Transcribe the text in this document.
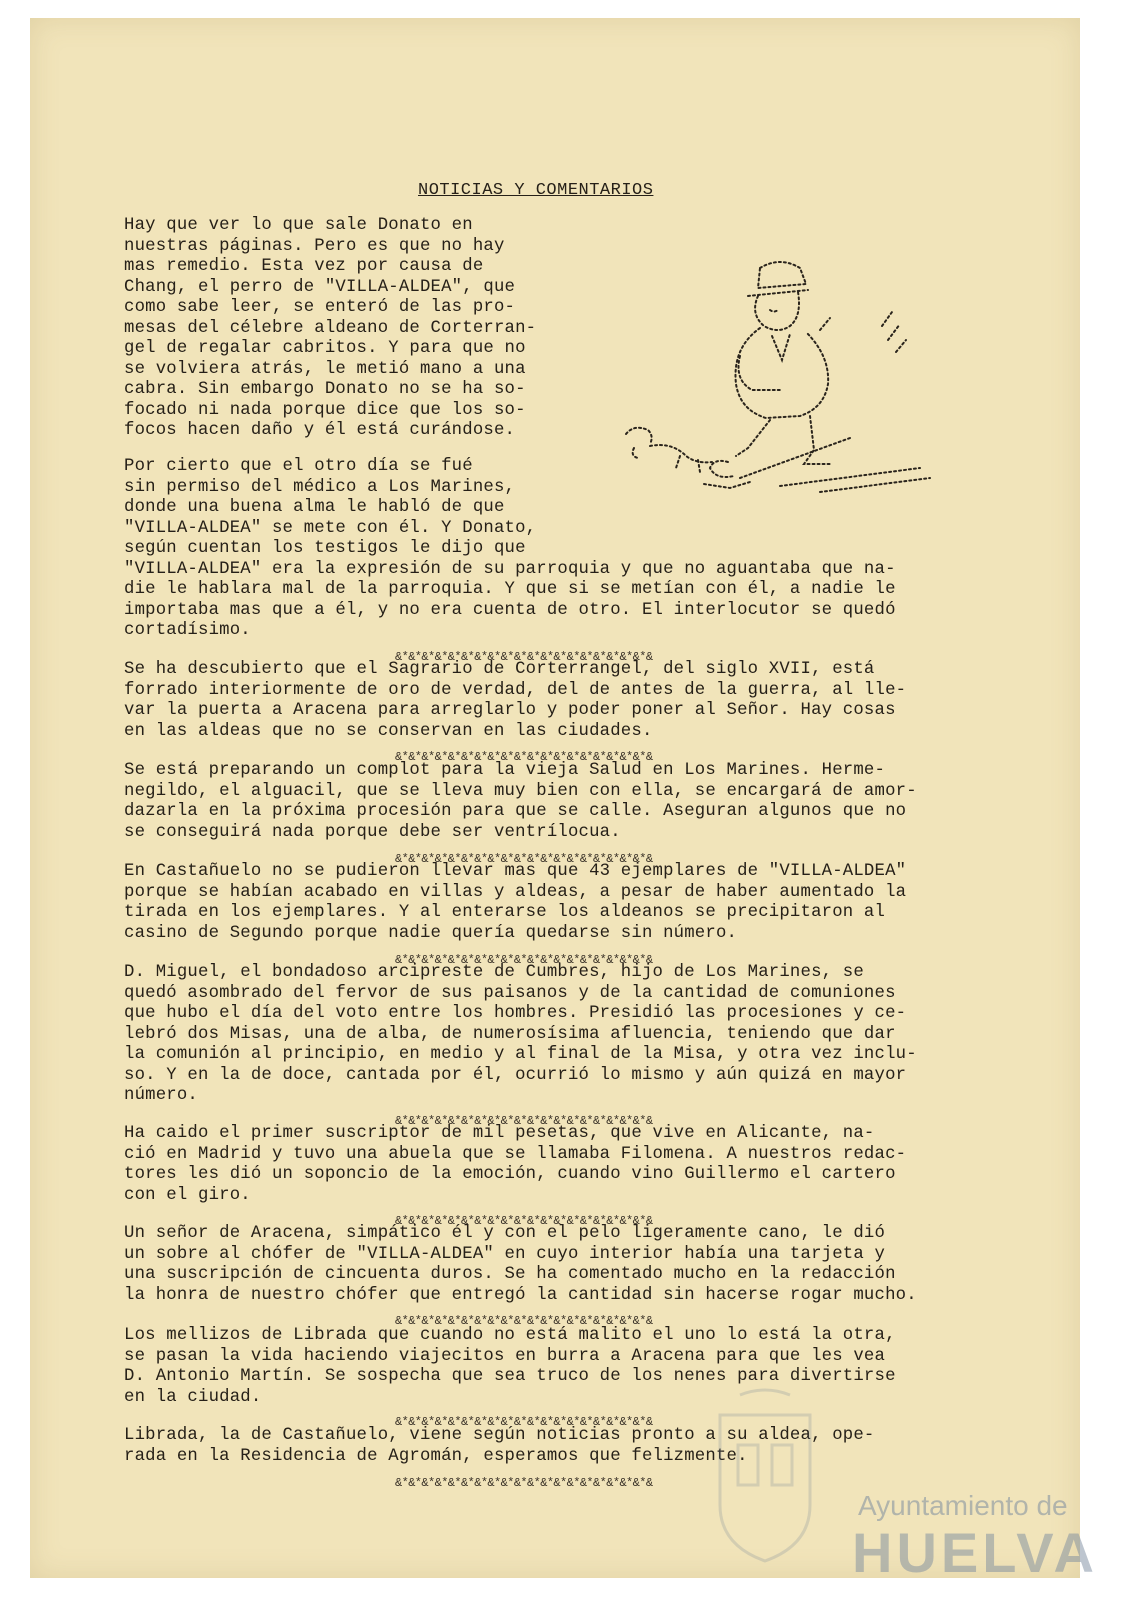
NOTICIAS Y COMENTARIOS
Hay que ver lo que sale Donato en
nuestras páginas. Pero es que no hay
mas remedio. Esta vez por causa de
Chang, el perro de "VILLA-ALDEA", que
como sabe leer, se enteró de las pro-
mesas del célebre aldeano de Corterran-
gel de regalar cabritos. Y para que no
se volviera atrás, le metió mano a una
cabra. Sin embargo Donato no se ha so-
focado ni nada porque dice que los so-
focos hacen daño y él está curándose.
Por cierto que el otro día se fué
sin permiso del médico a Los Marines,
donde una buena alma le habló de que
"VILLA-ALDEA" se mete con él. Y Donato,
según cuentan los testigos le dijo que
"VILLA-ALDEA" era la expresión de su parroquia y que no aguantaba que na-
die le hablara mal de la parroquia. Y que si se metían con él, a nadie le
importaba mas que a él, y no era cuenta de otro. El interlocutor se quedó
cortadísimo.
&*&*&*&*&*&*&*&*&*&*&*&*&*&*&*&*&*&*&*&
Se ha descubierto que el Sagrario de Corterrangel, del siglo XVII, está
forrado interiormente de oro de verdad, del de antes de la guerra, al lle-
var la puerta a Aracena para arreglarlo y poder poner al Señor. Hay cosas
en las aldeas que no se conservan en las ciudades.
&*&*&*&*&*&*&*&*&*&*&*&*&*&*&*&*&*&*&*&
Se está preparando un complot para la vieja Salud en Los Marines. Herme-
negildo, el alguacil, que se lleva muy bien con ella, se encargará de amor-
dazarla en la próxima procesión para que se calle. Aseguran algunos que no
se conseguirá nada porque debe ser ventrílocua.
&*&*&*&*&*&*&*&*&*&*&*&*&*&*&*&*&*&*&*&
En Castañuelo no se pudieron llevar mas que 43 ejemplares de "VILLA-ALDEA"
porque se habían acabado en villas y aldeas, a pesar de haber aumentado la
tirada en los ejemplares. Y al enterarse los aldeanos se precipitaron al
casino de Segundo porque nadie quería quedarse sin número.
&*&*&*&*&*&*&*&*&*&*&*&*&*&*&*&*&*&*&*&
D. Miguel, el bondadoso arcipreste de Cumbres, hijo de Los Marines, se
quedó asombrado del fervor de sus paisanos y de la cantidad de comuniones
que hubo el día del voto entre los hombres. Presidió las procesiones y ce-
lebró dos Misas, una de alba, de numerosísima afluencia, teniendo que dar
la comunión al principio, en medio y al final de la Misa, y otra vez inclu-
so. Y en la de doce, cantada por él, ocurrió lo mismo y aún quizá en mayor
número.
&*&*&*&*&*&*&*&*&*&*&*&*&*&*&*&*&*&*&*&
Ha caido el primer suscriptor de mil pesetas, que vive en Alicante, na-
ció en Madrid y tuvo una abuela que se llamaba Filomena. A nuestros redac-
tores les dió un soponcio de la emoción, cuando vino Guillermo el cartero
con el giro.
&*&*&*&*&*&*&*&*&*&*&*&*&*&*&*&*&*&*&*&
Un señor de Aracena, simpático él y con el pelo ligeramente cano, le dió
un sobre al chófer de "VILLA-ALDEA" en cuyo interior había una tarjeta y
una suscripción de cincuenta duros. Se ha comentado mucho en la redacción
la honra de nuestro chófer que entregó la cantidad sin hacerse rogar mucho.
&*&*&*&*&*&*&*&*&*&*&*&*&*&*&*&*&*&*&*&
Los mellizos de Librada que cuando no está malito el uno lo está la otra,
se pasan la vida haciendo viajecitos en burra a Aracena para que les vea
D. Antonio Martín. Se sospecha que sea truco de los nenes para divertirse
en la ciudad.
&*&*&*&*&*&*&*&*&*&*&*&*&*&*&*&*&*&*&*&
Librada, la de Castañuelo, viene según noticias pronto a su aldea, ope-
rada en la Residencia de Agromán, esperamos que felizmente.
&*&*&*&*&*&*&*&*&*&*&*&*&*&*&*&*&*&*&*&
Ayuntamiento de
HUELVA
